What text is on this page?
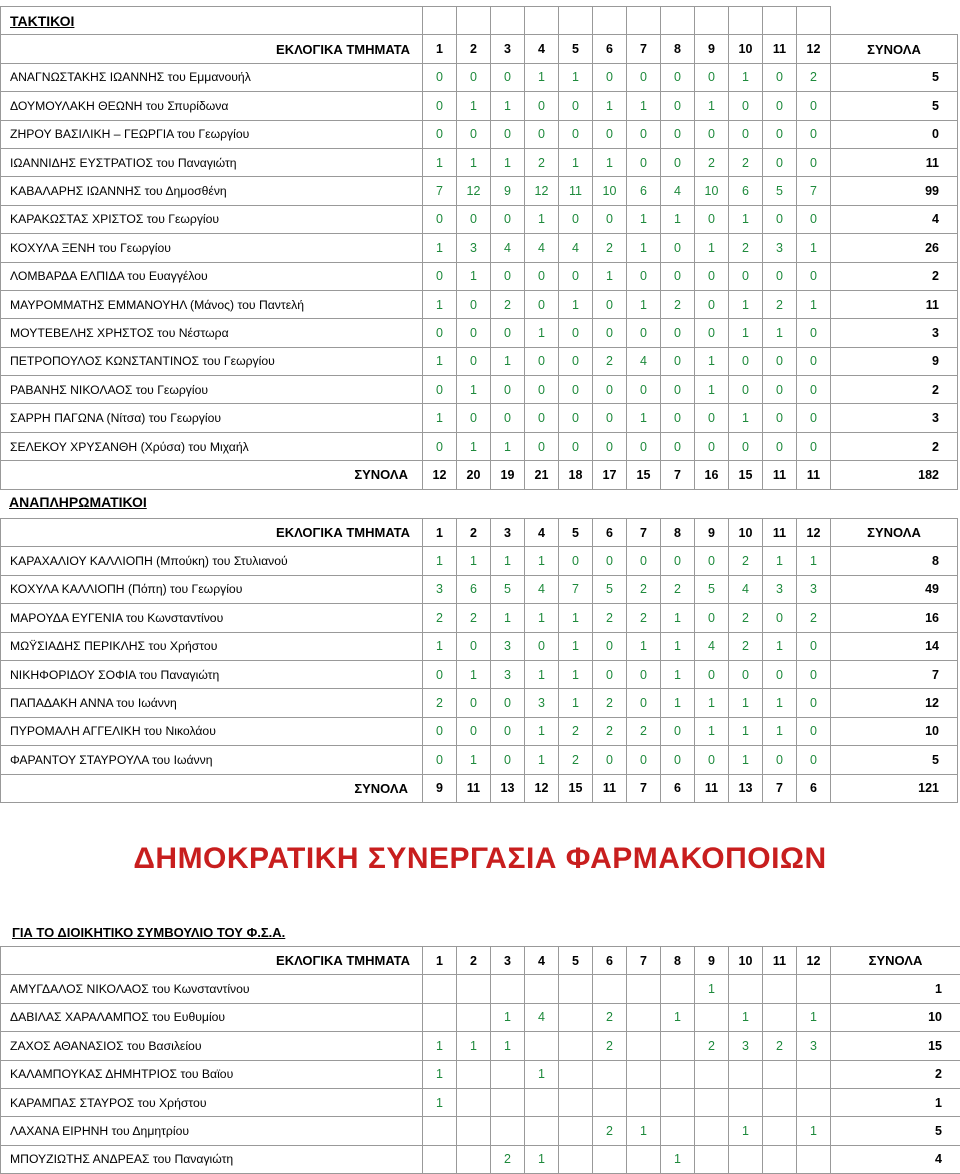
ΤΑΚΤΙΚΟΙ													
ΕΚΛΟΓΙΚΑ ΤΜΗΜΑΤΑ	1	2	3	4	5	6	7	8	9	10	11	12	ΣΥΝΟΛΑ
ΑΝΑΓΝΩΣΤΑΚΗΣ ΙΩΑΝΝΗΣ του Εμμανουήλ	0	0	0	1	1	0	0	0	0	1	0	2	5
ΔΟΥΜΟΥΛΑΚΗ ΘΕΩΝΗ του Σπυρίδωνα	0	1	1	0	0	1	1	0	1	0	0	0	5
ΖΗΡΟΥ ΒΑΣΙΛΙΚΗ – ΓΕΩΡΓΙΑ του Γεωργίου	0	0	0	0	0	0	0	0	0	0	0	0	0
ΙΩΑΝΝΙΔΗΣ ΕΥΣΤΡΑΤΙΟΣ του Παναγιώτη	1	1	1	2	1	1	0	0	2	2	0	0	11
ΚΑΒΑΛΑΡΗΣ ΙΩΑΝΝΗΣ του Δημοσθένη	7	12	9	12	11	10	6	4	10	6	5	7	99
ΚΑΡΑΚΩΣΤΑΣ ΧΡΙΣΤΟΣ του Γεωργίου	0	0	0	1	0	0	1	1	0	1	0	0	4
ΚΟΧΥΛΑ ΞΕΝΗ του Γεωργίου	1	3	4	4	4	2	1	0	1	2	3	1	26
ΛΟΜΒΑΡΔΑ ΕΛΠΙΔΑ του Ευαγγέλου	0	1	0	0	0	1	0	0	0	0	0	0	2
ΜΑΥΡΟΜΜΑΤΗΣ ΕΜΜΑΝΟΥΗΛ (Μάνος) του Παντελή	1	0	2	0	1	0	1	2	0	1	2	1	11
ΜΟΥΤΕΒΕΛΗΣ ΧΡΗΣΤΟΣ του Νέστωρα	0	0	0	1	0	0	0	0	0	1	1	0	3
ΠΕΤΡΟΠΟΥΛΟΣ ΚΩΝΣΤΑΝΤΙΝΟΣ του Γεωργίου	1	0	1	0	0	2	4	0	1	0	0	0	9
ΡΑΒΑΝΗΣ ΝΙΚΟΛΑΟΣ του Γεωργίου	0	1	0	0	0	0	0	0	1	0	0	0	2
ΣΑΡΡΗ ΠΑΓΩΝΑ (Νίτσα) του Γεωργίου	1	0	0	0	0	0	1	0	0	1	0	0	3
ΣΕΛΕΚΟΥ ΧΡΥΣΑΝΘΗ (Χρύσα) του Μιχαήλ	0	1	1	0	0	0	0	0	0	0	0	0	2
ΣΥΝΟΛΑ	12	20	19	21	18	17	15	7	16	15	11	11	182
ΕΚΛΟΓΙΚΑ ΤΜΗΜΑΤΑ	1	2	3	4	5	6	7	8	9	10	11	12	ΣΥΝΟΛΑ
ΚΑΡΑΧΑΛΙΟΥ ΚΑΛΛΙΟΠΗ (Μπούκη) του Στυλιανού	1	1	1	1	0	0	0	0	0	2	1	1	8
ΚΟΧΥΛΑ ΚΑΛΛΙΟΠΗ (Πόπη) του Γεωργίου	3	6	5	4	7	5	2	2	5	4	3	3	49
ΜΑΡΟΥΔΑ ΕΥΓΕΝΙΑ του Κωνσταντίνου	2	2	1	1	1	2	2	1	0	2	0	2	16
ΜΩΫΣΙΑΔΗΣ ΠΕΡΙΚΛΗΣ του Χρήστου	1	0	3	0	1	0	1	1	4	2	1	0	14
ΝΙΚΗΦΟΡΙΔΟΥ ΣΟΦΙΑ του Παναγιώτη	0	1	3	1	1	0	0	1	0	0	0	0	7
ΠΑΠΑΔΑΚΗ ΑΝΝΑ του Ιωάννη	2	0	0	3	1	2	0	1	1	1	1	0	12
ΠΥΡΟΜΑΛΗ ΑΓΓΕΛΙΚΗ του Νικολάου	0	0	0	1	2	2	2	0	1	1	1	0	10
ΦΑΡΑΝΤΟΥ ΣΤΑΥΡΟΥΛΑ του Ιωάννη	0	1	0	1	2	0	0	0	0	1	0	0	5
ΣΥΝΟΛΑ	9	11	13	12	15	11	7	6	11	13	7	6	121
ΑΝΑΠΛΗΡΩΜΑΤΙΚΟΙ
ΔΗΜΟΚΡΑΤΙΚΗ ΣΥΝΕΡΓΑΣΙΑ ΦΑΡΜΑΚΟΠΟΙΩΝ
ΓΙΑ ΤΟ ΔΙΟΙΚΗΤΙΚΟ ΣΥΜΒΟΥΛΙΟ ΤΟΥ Φ.Σ.Α.
ΕΚΛΟΓΙΚΑ ΤΜΗΜΑΤΑ	1	2	3	4	5	6	7	8	9	10	11	12	ΣΥΝΟΛΑ
ΑΜΥΓΔΑΛΟΣ ΝΙΚΟΛΑΟΣ του Κωνσταντίνου									1				1
ΔΑΒΙΛΑΣ ΧΑΡΑΛΑΜΠΟΣ του Ευθυμίου			1	4		2		1		1		1	10
ΖΑΧΟΣ ΑΘΑΝΑΣΙΟΣ του Βασιλείου	1	1	1			2			2	3	2	3	15
ΚΑΛΑΜΠΟΥΚΑΣ ΔΗΜΗΤΡΙΟΣ του Βαϊου	1			1									2
ΚΑΡΑΜΠΑΣ ΣΤΑΥΡΟΣ του Χρήστου	1												1
ΛΑΧΑΝΑ ΕΙΡΗΝΗ του Δημητρίου						2	1			1		1	5
ΜΠΟΥΖΙΩΤΗΣ ΑΝΔΡΕΑΣ του Παναγιώτη			2	1				1					4
